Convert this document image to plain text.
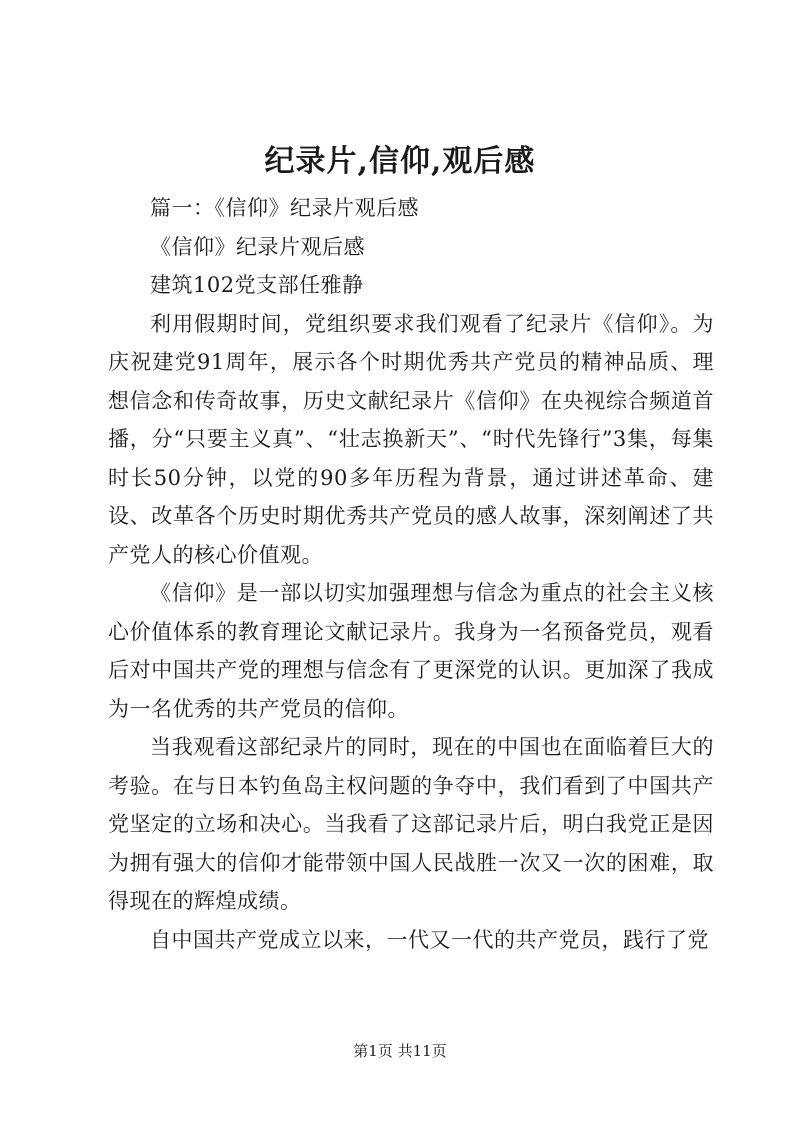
纪录片,信仰,观后感

篇一：《信仰》纪录片观后感

《信仰》纪录片观后感

建筑102党支部任雅静

利用假期时间，党组织要求我们观看了纪录片《信仰》。为庆祝建党91周年，展示各个时期优秀共产党员的精神品质、理想信念和传奇故事，历史文献纪录片《信仰》在央视综合频道首播，分“只要主义真”、“壮志换新天”、“时代先锋行”3集，每集时长50分钟，以党的90多年历程为背景，通过讲述革命、建设、改革各个历史时期优秀共产党员的感人故事，深刻阐述了共产党人的核心价值观。

《信仰》是一部以切实加强理想与信念为重点的社会主义核心价值体系的教育理论文献记录片。我身为一名预备党员，观看后对中国共产党的理想与信念有了更深党的认识。更加深了我成为一名优秀的共产党员的信仰。

当我观看这部纪录片的同时，现在的中国也在面临着巨大的考验。在与日本钓鱼岛主权问题的争夺中，我们看到了中国共产党坚定的立场和决心。当我看了这部记录片后，明白我党正是因为拥有强大的信仰才能带领中国人民战胜一次又一次的困难，取得现在的辉煌成绩。

自中国共产党成立以来，一代又一代的共产党员，践行了党

第1页 共11页
